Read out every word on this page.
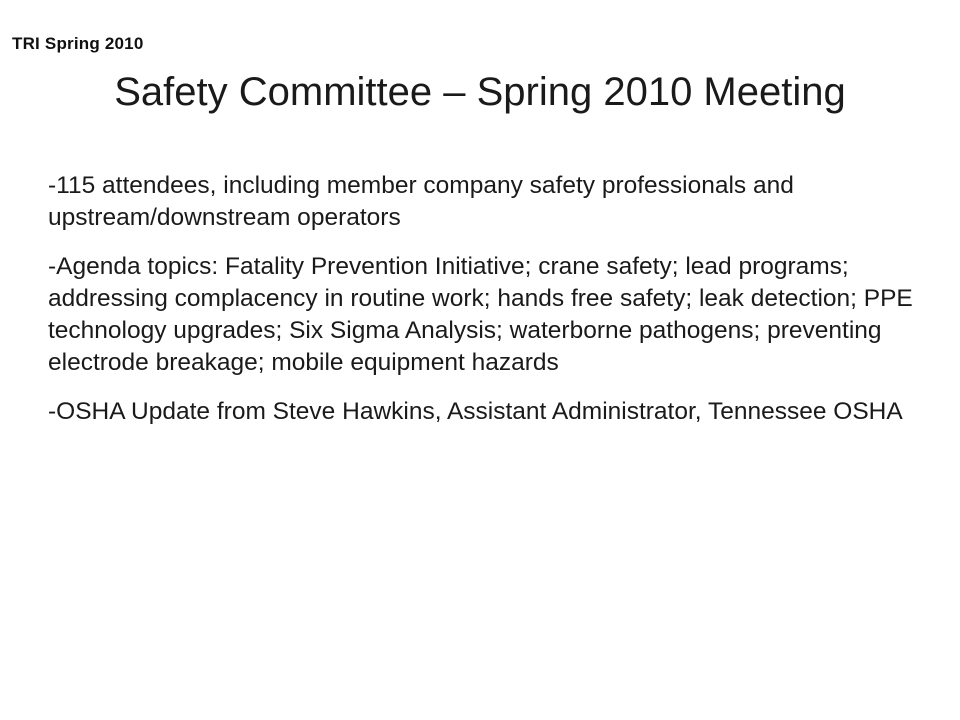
TRI Spring 2010
Safety Committee – Spring 2010 Meeting
-115 attendees, including member company safety professionals and upstream/downstream operators
-Agenda topics: Fatality Prevention Initiative; crane safety; lead programs; addressing complacency in routine work; hands free safety; leak detection; PPE technology upgrades; Six Sigma Analysis; waterborne pathogens; preventing electrode breakage; mobile equipment hazards
-OSHA Update from Steve Hawkins, Assistant Administrator, Tennessee OSHA
